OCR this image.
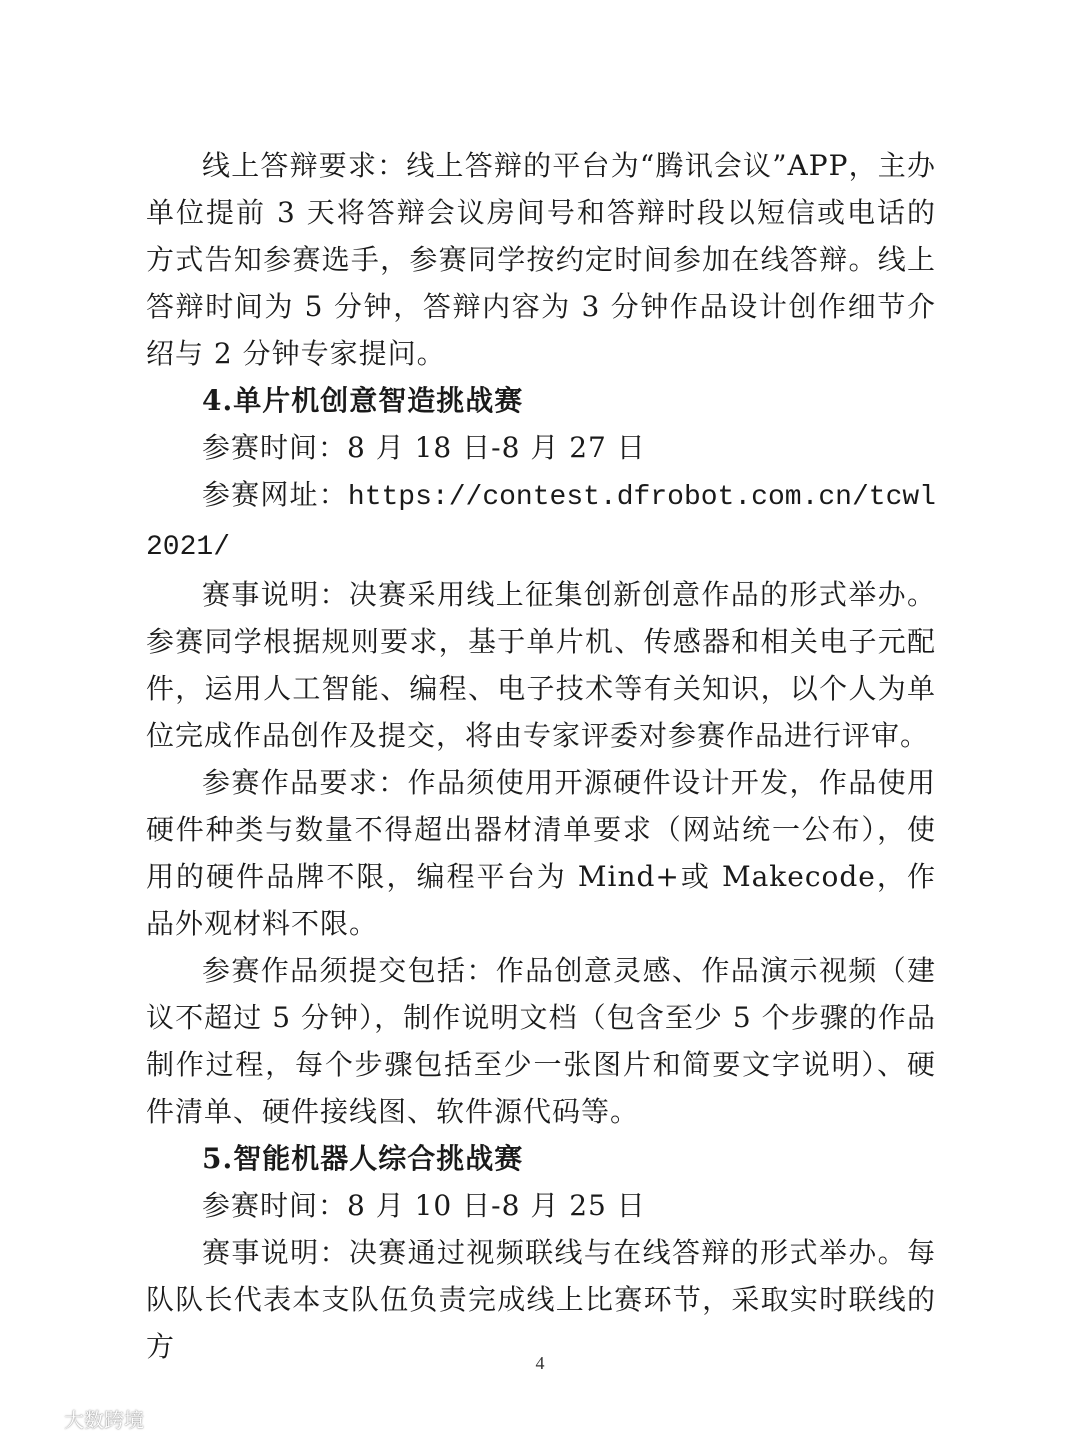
线上答辩要求：线上答辩的平台为“腾讯会议”APP，主办单位提前 3 天将答辩会议房间号和答辩时段以短信或电话的方式告知参赛选手，参赛同学按约定时间参加在线答辩。线上答辩时间为 5 分钟，答辩内容为 3 分钟作品设计创作细节介绍与 2 分钟专家提问。

4.单片机创意智造挑战赛

参赛时间：8 月 18 日-8 月 27 日

参赛网址：https://contest.dfrobot.com.cn/tcwl2021/

赛事说明：决赛采用线上征集创新创意作品的形式举办。参赛同学根据规则要求，基于单片机、传感器和相关电子元配件，运用人工智能、编程、电子技术等有关知识，以个人为单位完成作品创作及提交，将由专家评委对参赛作品进行评审。

参赛作品要求：作品须使用开源硬件设计开发，作品使用硬件种类与数量不得超出器材清单要求（网站统一公布），使用的硬件品牌不限，编程平台为 Mind+或 Makecode，作品外观材料不限。

参赛作品须提交包括：作品创意灵感、作品演示视频（建议不超过 5 分钟），制作说明文档（包含至少 5 个步骤的作品制作过程，每个步骤包括至少一张图片和简要文字说明）、硬件清单、硬件接线图、软件源代码等。

5.智能机器人综合挑战赛

参赛时间：8 月 10 日-8 月 25 日

赛事说明：决赛通过视频联线与在线答辩的形式举办。每队队长代表本支队伍负责完成线上比赛环节，采取实时联线的方	4
大数跨境
